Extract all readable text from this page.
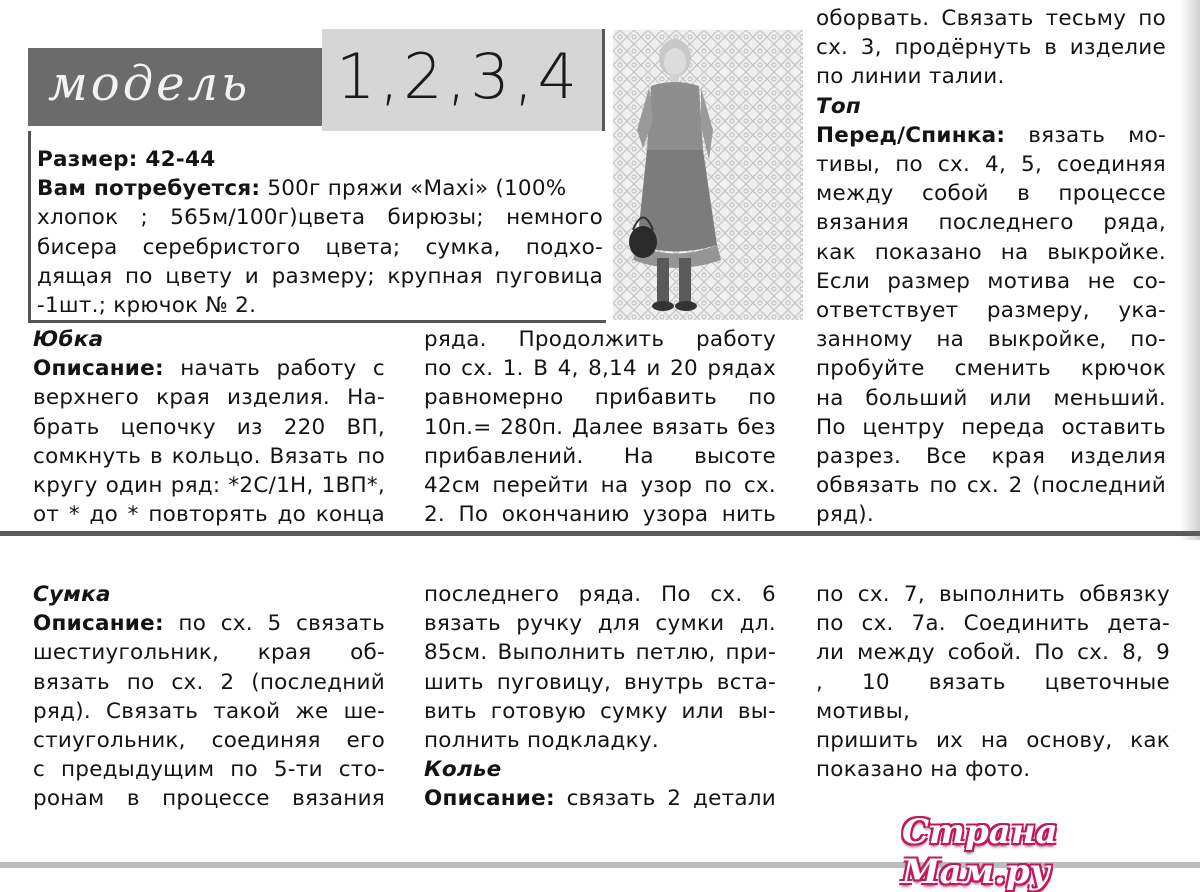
модель 1,2,3,4

Размер: 42-44

Вам потребуется: 500г пряжи «Maxi» (100%

хлопок ; 565м/100г)цвета бирюзы; немного

бисера серебристого цвета; сумка, подхо-

дящая по цвету и размеру; крупная пуговица

-1шт.; крючок № 2.

Юбка

Описание: начать работу с

верхнего края изделия. На-

брать цепочку из 220 ВП,

сомкнуть в кольцо. Вязать по

кругу один ряд: *2С/1Н, 1ВП*,

от * до * повторять до конца

ряда. Продолжить работу

по сх. 1. В 4, 8,14 и 20 рядах

равномерно прибавить по

10п.= 280п. Далее вязать без

прибавлений. На высоте

42см перейти на узор по сх.

2. По окончанию узора нить

оборвать. Связать тесьму по

сх. 3, продёрнуть в изделие

по линии талии.

Топ

Перед/Спинка: вязать мо-

тивы, по сх. 4, 5, соединяя

между собой в процессе

вязания последнего ряда,

как показано на выкройке.

Если размер мотива не со-

ответствует размеру, ука-

занному на выкройке, по-

пробуйте сменить крючок

на больший или меньший.

По центру переда оставить

разрез. Все края изделия

обвязать по сх. 2 (последний

ряд).

Сумка

Описание: по сх. 5 связать

шестиугольник, края об-

вязать по сх. 2 (последний

ряд). Связать такой же ше-

стиугольник, соединяя его

с предыдущим по 5-ти сто-

ронам в процессе вязания

последнего ряда. По сх. 6

вязать ручку для сумки дл.

85см. Выполнить петлю, при-

шить пуговицу, внутрь вста-

вить готовую сумку или вы-

полнить подкладку.

Колье

Описание: связать 2 детали

по сх. 7, выполнить обвязку

по сх. 7а. Соединить дета-

ли между собой. По сх. 8, 9

, 10 вязать цветочные мотивы,

пришить их на основу, как

показано на фото.

Страна Мам.ру
